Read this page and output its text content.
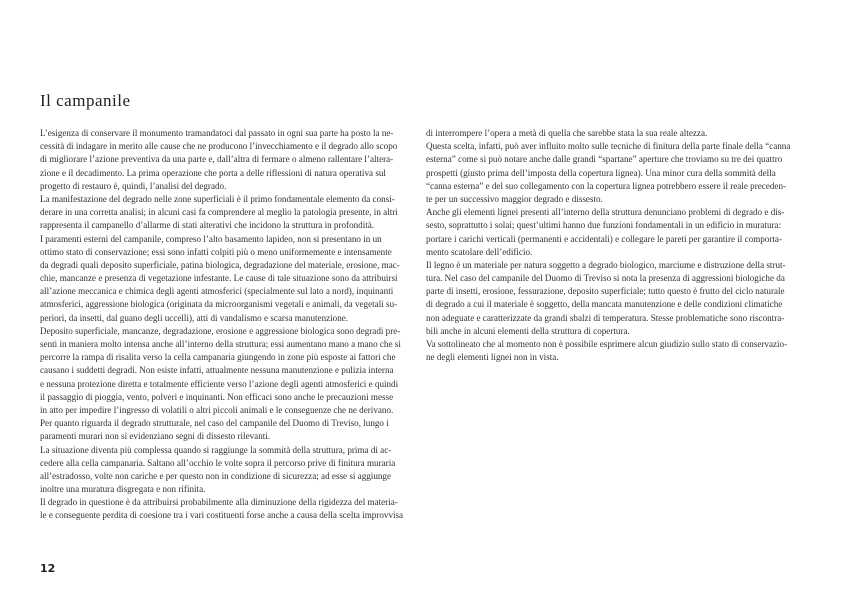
Il campanile
L’esigenza di conservare il monumento tramandatoci dal passato in ogni sua parte ha posto la ne-
cessità di indagare in merito alle cause che ne producono l’invecchiamento e il degrado allo scopo
di migliorare l’azione preventiva da una parte e, dall’altra di fermare o almeno rallentare l’altera-
zione e il decadimento. La prima operazione che porta a delle riflessioni di natura operativa sul
progetto di restauro è, quindi, l’analisi del degrado.
La manifestazione del degrado nelle zone superficiali è il primo fondamentale elemento da consi-
derare in una corretta analisi; in alcuni casi fa comprendere al meglio la patologia presente, in altri
rappresenta il campanello d’allarme di stati alterativi che incidono la struttura in profondità.
I paramenti esterni del campanile, compreso l’alto basamento lapideo, non si presentano in un
ottimo stato di conservazione; essi sono infatti colpiti più o meno uniformemente e intensamente
da degradi quali deposito superficiale, patina biologica, degradazione del materiale, erosione, mac-
chie, mancanze e presenza di vegetazione infestante. Le cause di tale situazione sono da attribuirsi
all’azione meccanica e chimica degli agenti atmosferici (specialmente sul lato a nord), inquinanti
atmosferici, aggressione biologica (originata da microorganismi vegetali e animali, da vegetali su-
periori, da insetti, dal guano degli uccelli), atti di vandalismo e scarsa manutenzione.
Deposito superficiale, mancanze, degradazione, erosione e aggressione biologica sono degradi pre-
senti in maniera molto intensa anche all’interno della struttura; essi aumentano mano a mano che si
percorre la rampa di risalita verso la cella campanaria giungendo in zone più esposte ai fattori che
causano i suddetti degradi. Non esiste infatti, attualmente nessuna manutenzione e pulizia interna
e nessuna protezione diretta e totalmente efficiente verso l’azione degli agenti atmosferici e quindi
il passaggio di pioggia, vento, polveri e inquinanti. Non efficaci sono anche le precauzioni messe
in atto per impedire l’ingresso di volatili o altri piccoli animali e le conseguenze che ne derivano.
Per quanto riguarda il degrado strutturale, nel caso del campanile del Duomo di Treviso, lungo i
paramenti murari non si evidenziano segni di dissesto rilevanti.
La situazione diventa più complessa quando si raggiunge la sommità della struttura, prima di ac-
cedere alla cella campanaria. Saltano all’occhio le volte sopra il percorso prive di finitura muraria
all’estradosso, volte non cariche e per questo non in condizione di sicurezza; ad esse si aggiunge
inoltre una muratura disgregata e non rifinita.
Il degrado in questione è da attribuirsi probabilmente alla diminuzione della rigidezza del materia-
le e conseguente perdita di coesione tra i vari costituenti forse anche a causa della scelta improvvisa
di interrompere l’opera a metà di quella che sarebbe stata la sua reale altezza.
Questa scelta, infatti, può aver influito molto sulle tecniche di finitura della parte finale della “canna
esterna” come si può notare anche dalle grandi “spartane” aperture che troviamo su tre dei quattro
prospetti (giusto prima dell’imposta della copertura lignea). Una minor cura della sommità della
“canna esterna” e del suo collegamento con la copertura lignea potrebbero essere il reale preceden-
te per un successivo maggior degrado e dissesto.
Anche gli elementi lignei presenti all’interno della struttura denunciano problemi di degrado e dis-
sesto, soprattutto i solai; quest’ultimi hanno due funzioni fondamentali in un edificio in muratura:
portare i carichi verticali (permanenti e accidentali) e collegare le pareti per garantire il comporta-
mento scatolare dell’edificio.
Il legno è un materiale per natura soggetto a degrado biologico, marciume e distruzione della strut-
tura. Nel caso del campanile del Duomo di Treviso si nota la presenza di aggressioni biologiche da
parte di insetti, erosione, fessurazione, deposito superficiale; tutto questo è frutto del ciclo naturale
di degrado a cui il materiale è soggetto, della mancata manutenzione e delle condizioni climatiche
non adeguate e caratterizzate da grandi sbalzi di temperatura. Stesse problematiche sono riscontra-
bili anche in alcuni elementi della struttura di copertura.
Va sottolineato che al momento non è possibile esprimere alcun giudizio sullo stato di conservazio-
ne degli elementi lignei non in vista.
12
